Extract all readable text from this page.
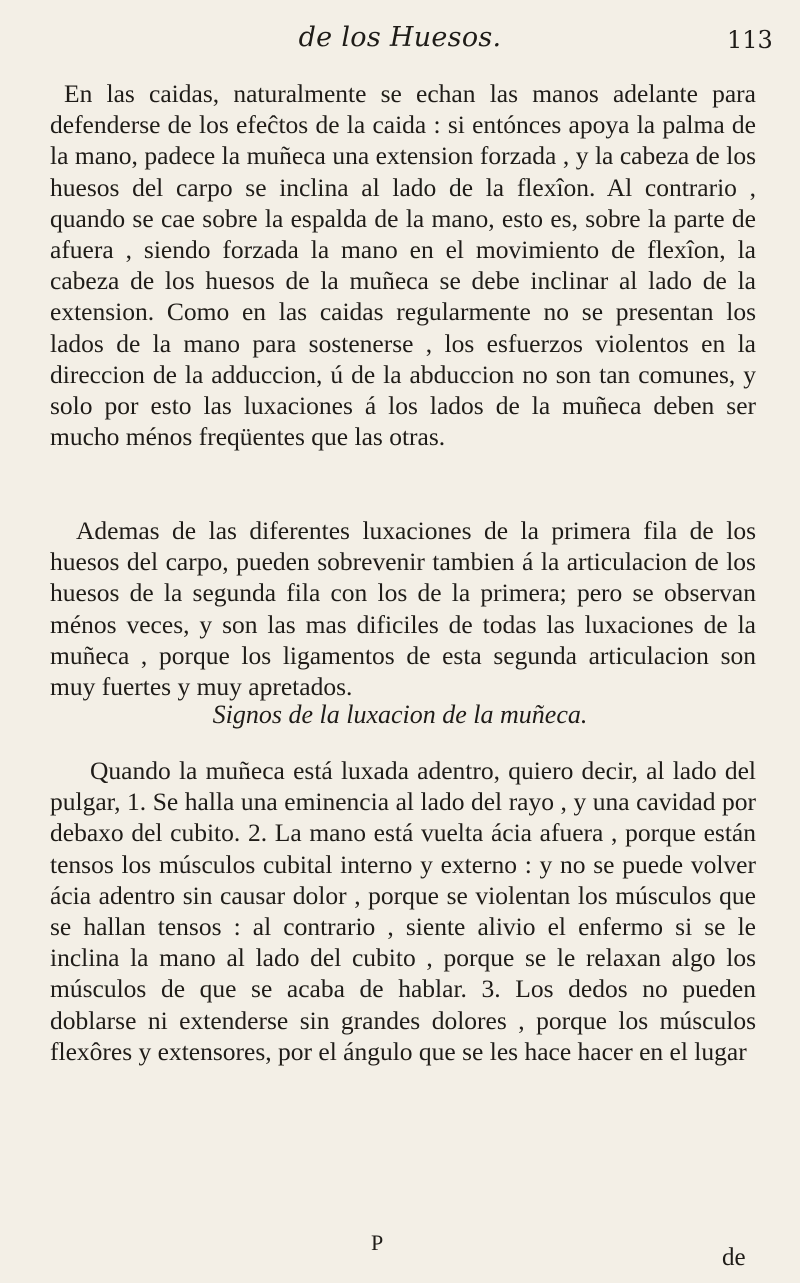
de los Huesos.	113

En las caidas, naturalmente se echan las manos adelante para defenderse de los efeĉtos de la caida : si entónces apoya la palma de la mano, padece la muñeca una extension forzada , y la cabeza de los huesos del carpo se inclina al lado de la flexîon. Al contrario , quando se cae sobre la espalda de la mano, esto es, sobre la parte de afuera , siendo forzada la mano en el movimiento de flexîon, la cabeza de los huesos de la muñeca se debe inclinar al lado de la extension. Como en las caidas regularmente no se presentan los lados de la mano para sostenerse , los esfuerzos violentos en la direccion de la adduccion, ú de la abduccion no son tan comunes, y solo por esto las luxaciones á los lados de la muñeca deben ser mucho ménos freqüentes que las otras.

Ademas de las diferentes luxaciones de la primera fila de los huesos del carpo, pueden sobrevenir tambien á la articulacion de los huesos de la segunda fila con los de la primera; pero se observan ménos veces, y son las mas dificiles de todas las luxaciones de la muñeca , porque los ligamentos de esta segunda articulacion son muy fuertes y muy apretados.

Signos de la luxacion de la muñeca.

Quando la muñeca está luxada adentro, quiero decir, al lado del pulgar, 1. Se halla una eminencia al lado del rayo , y una cavidad por debaxo del cubito. 2. La mano está vuelta ácia afuera , porque están tensos los músculos cubital interno y externo : y no se puede volver ácia adentro sin causar dolor , porque se violentan los músculos que se hallan tensos : al contrario , siente alivio el enfermo si se le inclina la mano al lado del cubito , porque se le relaxan algo los músculos de que se acaba de hablar. 3. Los dedos no pueden doblarse ni extenderse sin grandes dolores , porque los músculos flexôres y extensores, por el ángulo que se les hace hacer en el lugar

P
de
